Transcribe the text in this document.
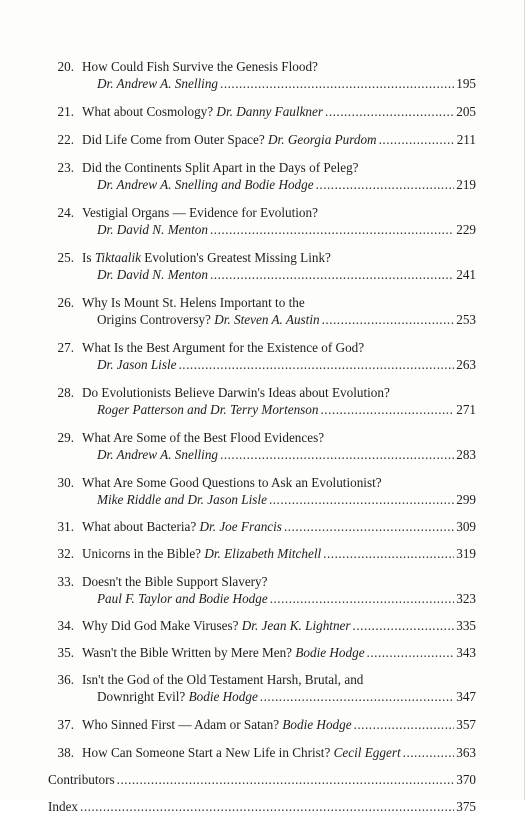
20. How Could Fish Survive the Genesis Flood?
Dr. Andrew A. Snelling .....	195
21. What about Cosmology?
Dr. Danny Faulkner .....	205
22. Did Life Come from Outer Space?
Dr. Georgia Purdom .....	211
23. Did the Continents Split Apart in the Days of Peleg?
Dr. Andrew A. Snelling and Bodie Hodge .....	219
24. Vestigial Organs — Evidence for Evolution?
Dr. David N. Menton .....	229
25. Is Tiktaalik Evolution's Greatest Missing Link?
Dr. David N. Menton .....	241
26. Why Is Mount St. Helens Important to the
Origins Controversy?
Dr. Steven A. Austin .....	253
27. What Is the Best Argument for the Existence of God?
Dr. Jason Lisle .....	263
28. Do Evolutionists Believe Darwin's Ideas about Evolution?
Roger Patterson and Dr. Terry Mortenson .....	271
29. What Are Some of the Best Flood Evidences?
Dr. Andrew A. Snelling .....	283
30. What Are Some Good Questions to Ask an Evolutionist?
Mike Riddle and Dr. Jason Lisle .....	299
31. What about Bacteria?
Dr. Joe Francis .....	309
32. Unicorns in the Bible?
Dr. Elizabeth Mitchell .....	319
33. Doesn't the Bible Support Slavery?
Paul F. Taylor and Bodie Hodge .....	323
34. Why Did God Make Viruses?
Dr. Jean K. Lightner .....	335
35. Wasn't the Bible Written by Mere Men?
Bodie Hodge .....	343
36. Isn't the God of the Old Testament Harsh, Brutal, and
Downright Evil?
Bodie Hodge .....	347
37. Who Sinned First — Adam or Satan?
Bodie Hodge .....	357
38. How Can Someone Start a New Life in Christ?
Cecil Eggert .....	363
Contributors .....	370
Index .....	375
